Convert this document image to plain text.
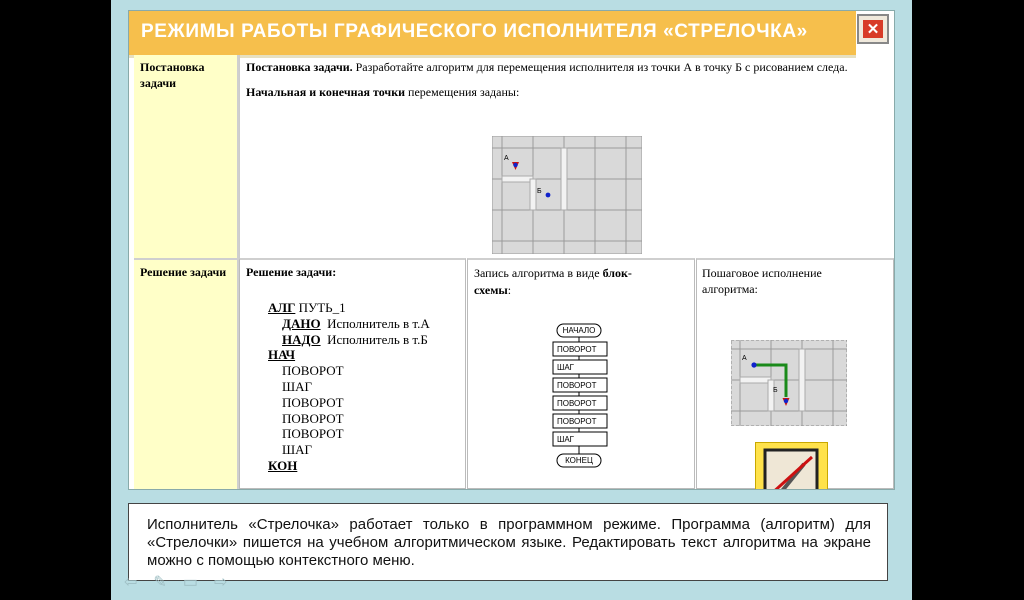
РЕЖИМЫ РАБОТЫ ГРАФИЧЕСКОГО ИСПОЛНИТЕЛЯ «СТРЕЛОЧКА»	✕
Постановка
задачи
Постановка задачи. Разработайте алгоритм для перемещения исполнителя из точки А в точку Б с рисованием следа.
Начальная и конечная точки перемещения заданы:
А
Б
Решение задачи	Решение задачи:
АЛГ ПУТЬ_1
ДАНО Исполнитель в т.А
НАДО Исполнитель в т.Б
НАЧ
ПОВОРОТ
ШАГ
ПОВОРОТ
ПОВОРОТ
ПОВОРОТ
ШАГ
КОН
Запись алгоритма в виде блок-
схемы:
НАЧАЛО
ПОВОРОТ
ШАГ
ПОВОРОТ
ПОВОРОТ
ПОВОРОТ
ШАГ
КОНЕЦ
Пошаговое исполнение
алгоритма:
А
Б
Исполнитель «Стрелочка» работает только в программном режиме. Программа (алгоритм) для «Стрелочки» пишется на учебном алгоритмическом языке. Редактировать текст алгоритма на экране можно с помощью контекстного меню.
⇦ ✎ ▭ ⇨
